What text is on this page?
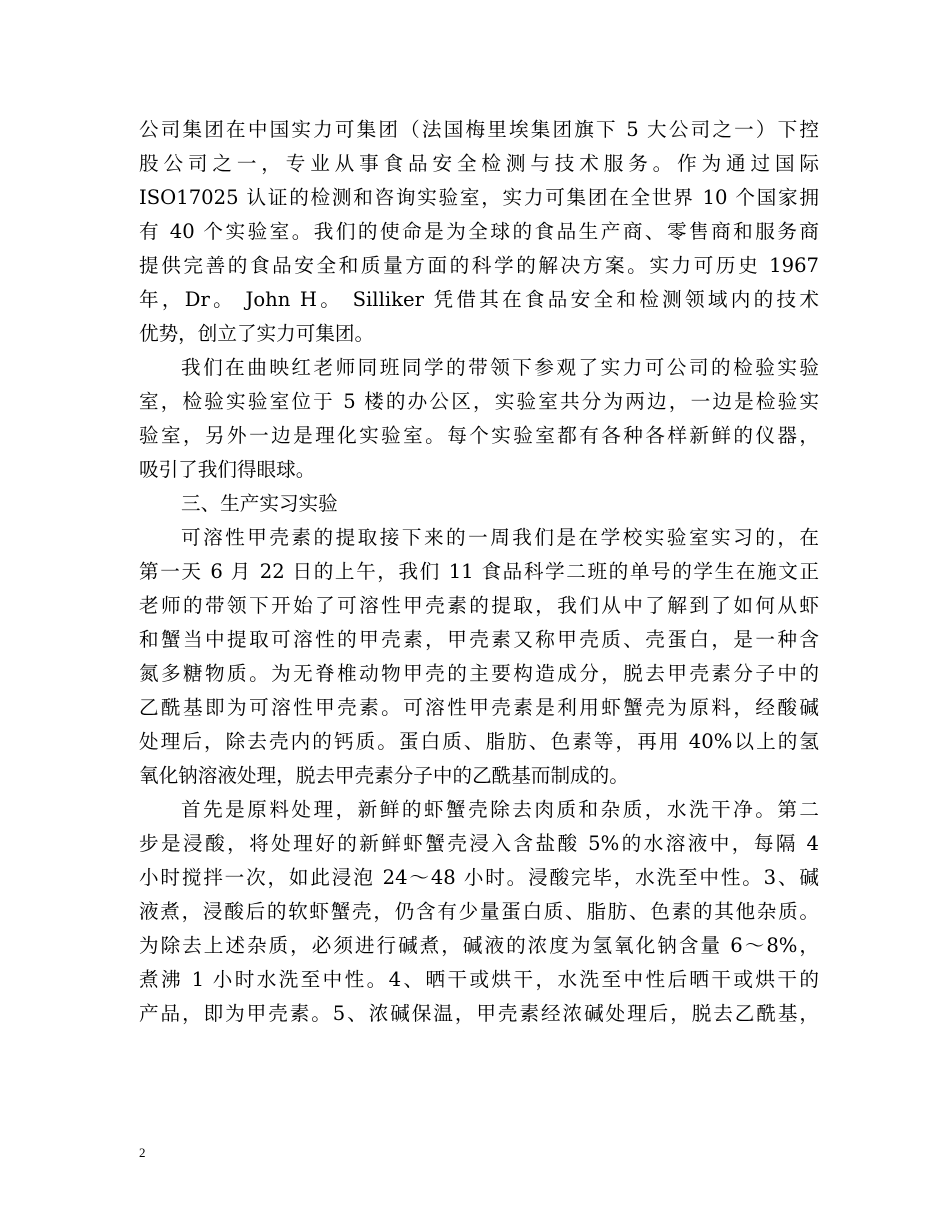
公司集团在中国实力可集团（法国梅里埃集团旗下 5 大公司之一）下控
股公司之一，专业从事食品安全检测与技术服务。作为通过国际
ISO17025 认证的检测和咨询实验室，实力可集团在全世界 10 个国家拥
有 40 个实验室。我们的使命是为全球的食品生产商、零售商和服务商
提供完善的食品安全和质量方面的科学的解决方案。实力可历史 1967
年，Dr。 John H。 Silliker 凭借其在食品安全和检测领域内的技术
优势，创立了实力可集团。
我们在曲映红老师同班同学的带领下参观了实力可公司的检验实验
室，检验实验室位于 5 楼的办公区，实验室共分为两边，一边是检验实
验室，另外一边是理化实验室。每个实验室都有各种各样新鲜的仪器，
吸引了我们得眼球。
三、生产实习实验
可溶性甲壳素的提取接下来的一周我们是在学校实验室实习的，在
第一天 6 月 22 日的上午，我们 11 食品科学二班的单号的学生在施文正
老师的带领下开始了可溶性甲壳素的提取，我们从中了解到了如何从虾
和蟹当中提取可溶性的甲壳素，甲壳素又称甲壳质、壳蛋白，是一种含
氮多糖物质。为无脊椎动物甲壳的主要构造成分，脱去甲壳素分子中的
乙酰基即为可溶性甲壳素。可溶性甲壳素是利用虾蟹壳为原料，经酸碱
处理后，除去壳内的钙质。蛋白质、脂肪、色素等，再用 40%以上的氢
氧化钠溶液处理，脱去甲壳素分子中的乙酰基而制成的。
首先是原料处理，新鲜的虾蟹壳除去肉质和杂质，水洗干净。第二
步是浸酸，将处理好的新鲜虾蟹壳浸入含盐酸 5%的水溶液中，每隔 4
小时搅拌一次，如此浸泡 24～48 小时。浸酸完毕，水洗至中性。3、碱
液煮，浸酸后的软虾蟹壳，仍含有少量蛋白质、脂肪、色素的其他杂质。
为除去上述杂质，必须进行碱煮，碱液的浓度为氢氧化钠含量 6～8%，
煮沸 1 小时水洗至中性。4、晒干或烘干，水洗至中性后晒干或烘干的
产品，即为甲壳素。5、浓碱保温，甲壳素经浓碱处理后，脱去乙酰基，
2
